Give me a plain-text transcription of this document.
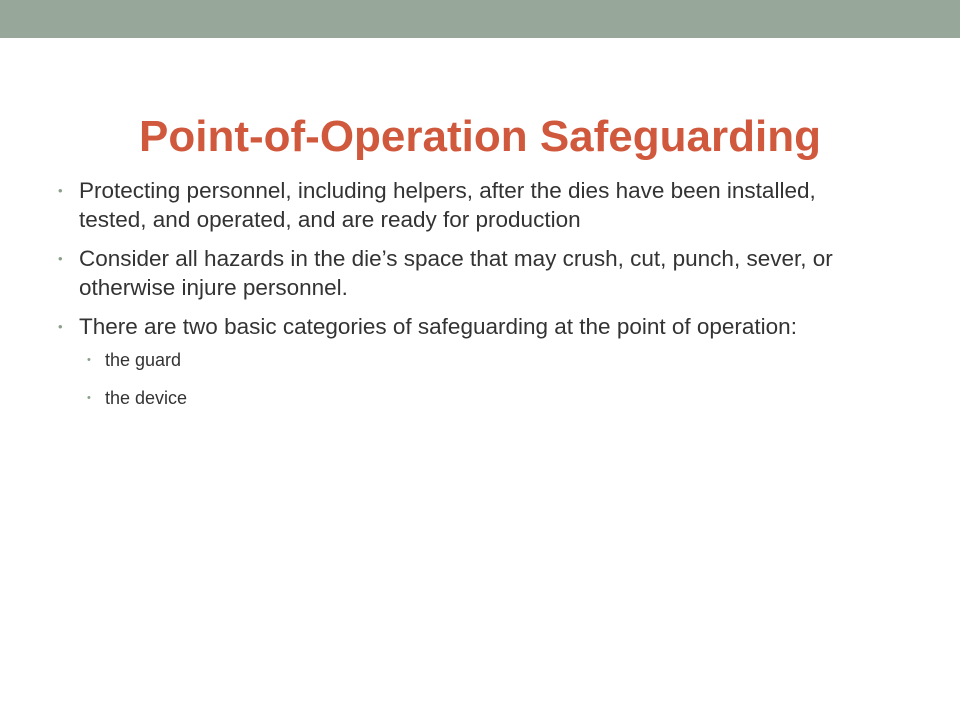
Point-of-Operation Safeguarding
• Protecting personnel, including helpers, after the dies have been installed, tested, and operated, and are ready for production
• Consider all hazards in the die’s space that may crush, cut, punch, sever, or otherwise injure personnel.
• There are two basic categories of safeguarding at the point of operation:
• the guard
• the device
